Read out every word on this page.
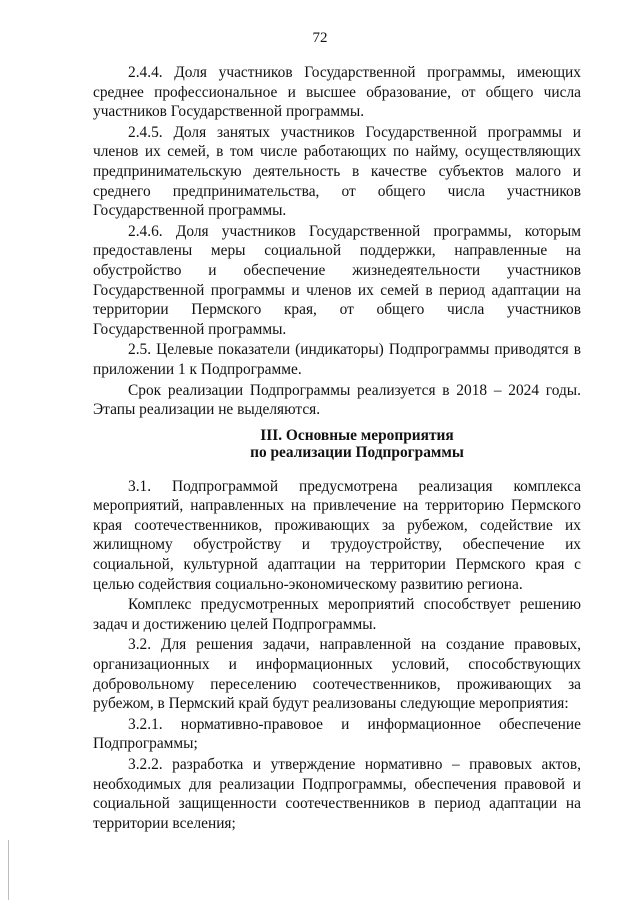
72

2.4.4. Доля участников Государственной программы, имеющих среднее профессиональное и высшее образование, от общего числа участников Государственной программы.

2.4.5. Доля занятых участников Государственной программы и членов их семей, в том числе работающих по найму, осуществляющих предпринимательскую деятельность в качестве субъектов малого и среднего предпринимательства, от общего числа участников Государственной программы.

2.4.6. Доля участников Государственной программы, которым предоставлены меры социальной поддержки, направленные на обустройство и обеспечение жизнедеятельности участников Государственной программы и членов их семей в период адаптации на территории Пермского края, от общего числа участников Государственной программы.

2.5. Целевые показатели (индикаторы) Подпрограммы приводятся в приложении 1 к Подпрограмме.

Срок реализации Подпрограммы реализуется в 2018 – 2024 годы. Этапы реализации не выделяются.

III. Основные мероприятия
по реализации Подпрограммы

3.1. Подпрограммой предусмотрена реализация комплекса мероприятий, направленных на привлечение на территорию Пермского края соотечественников, проживающих за рубежом, содействие их жилищному обустройству и трудоустройству, обеспечение их социальной, культурной адаптации на территории Пермского края с целью содействия социально-экономическому развитию региона.

Комплекс предусмотренных мероприятий способствует решению задач и достижению целей Подпрограммы.

3.2. Для решения задачи, направленной на создание правовых, организационных и информационных условий, способствующих добровольному переселению соотечественников, проживающих за рубежом, в Пермский край будут реализованы следующие мероприятия:

3.2.1. нормативно-правовое и информационное обеспечение Подпрограммы;

3.2.2. разработка и утверждение нормативно – правовых актов, необходимых для реализации Подпрограммы, обеспечения правовой и социальной защищенности соотечественников в период адаптации на территории вселения;
